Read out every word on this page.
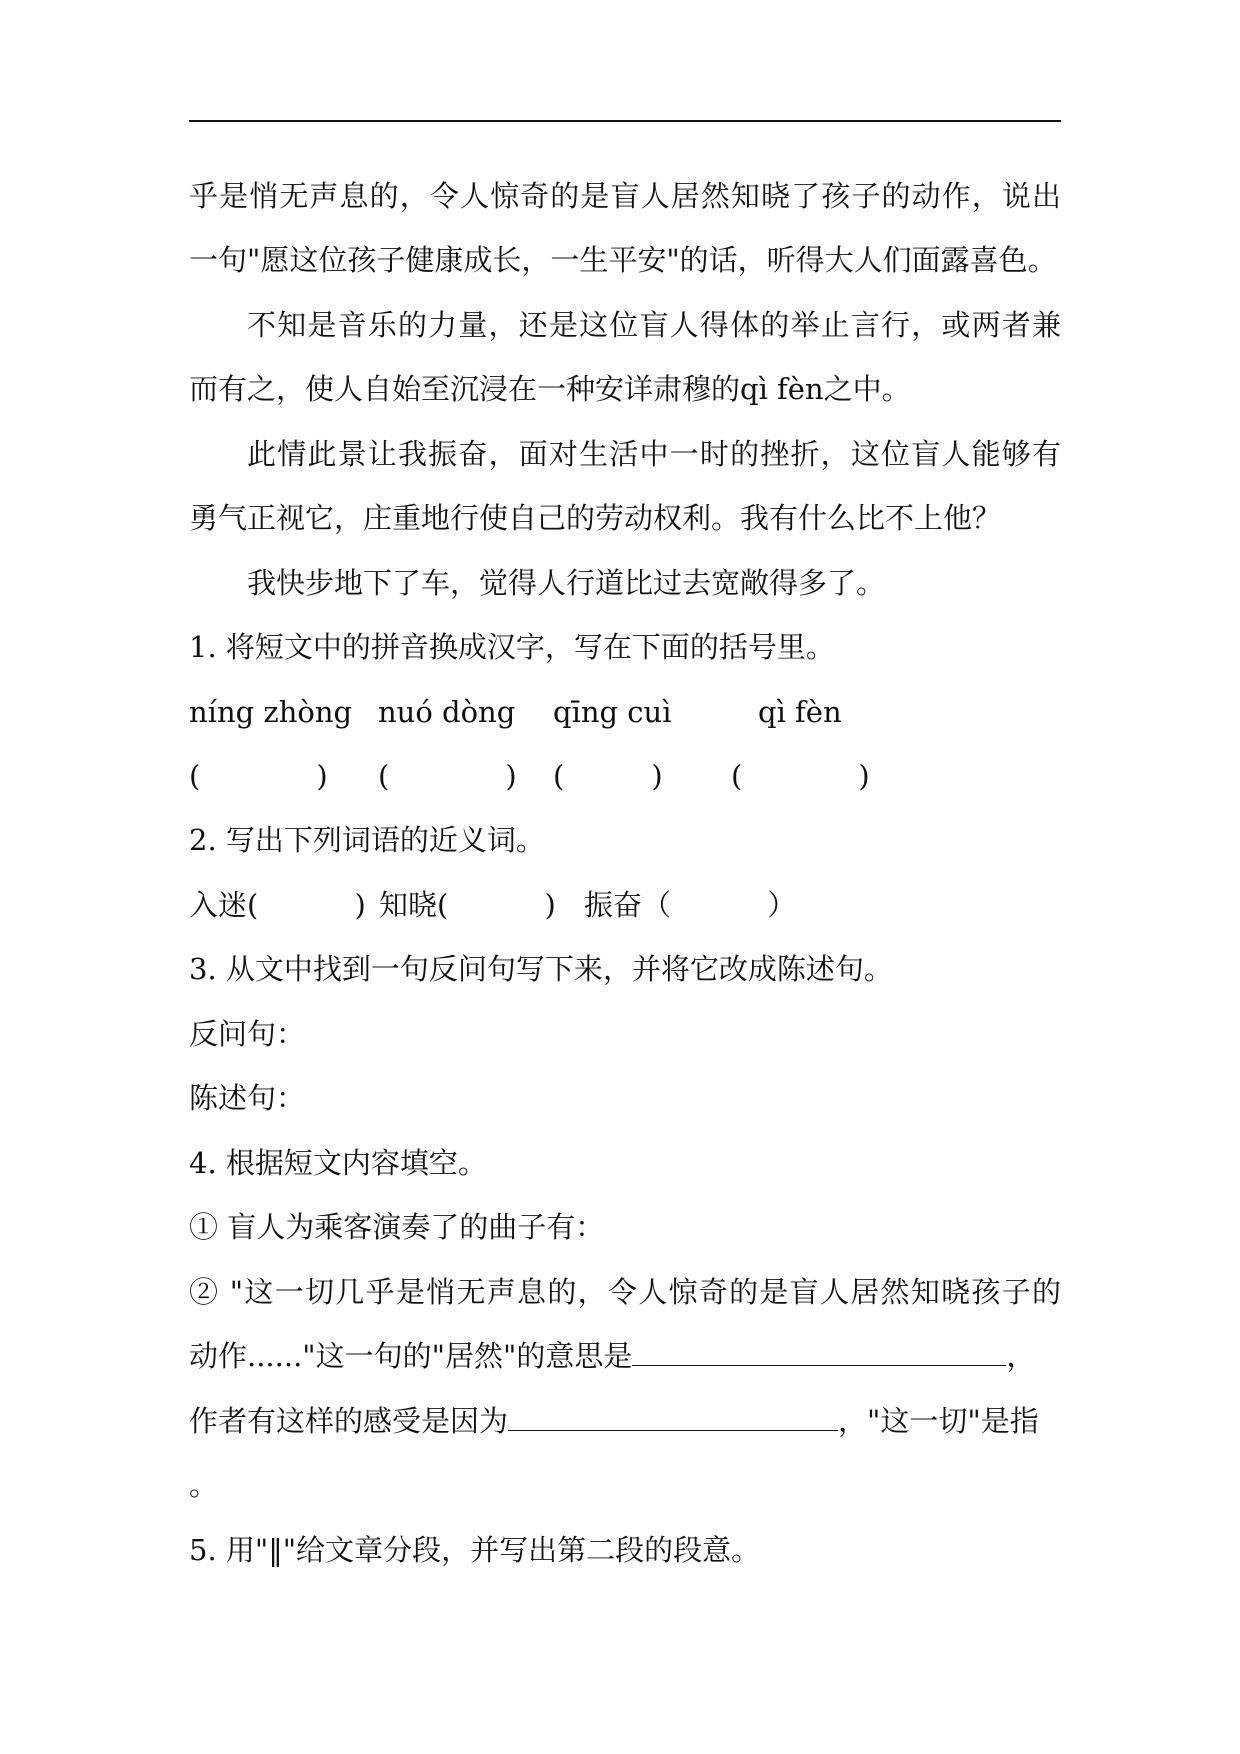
乎是悄无声息的，令人惊奇的是盲人居然知晓了孩子的动作，说出
一句"愿这位孩子健康成长，一生平安"的话，听得大人们面露喜色。
不知是音乐的力量，还是这位盲人得体的举止言行，或两者兼
而有之，使人自始至沉浸在一种安详肃穆的qì fèn之中。
此情此景让我振奋，面对生活中一时的挫折，这位盲人能够有
勇气正视它，庄重地行使自己的劳动权利。我有什么比不上他？
我快步地下了车，觉得人行道比过去宽敞得多了。
1. 将短文中的拼音换成汉字，写在下面的括号里。
níng zhòng nuó dòng qīng cuì	qì fèn
(　　　　) (　　　　) (　　　) (　　　　)
2. 写出下列词语的近义词。
入迷(　　　 ) 知晓(　　　 ) 振奋（　　　 ）
3. 从文中找到一句反问句写下来，并将它改成陈述句。
反问句：
陈述句：
4. 根据短文内容填空。
① 盲人为乘客演奏了的曲子有：
② "这一切几乎是悄无声息的，令人惊奇的是盲人居然知晓孩子的
动作......"这一句的"居然"的意思是	，
作者有这样的感受是因为	，"这一切"是指
。
5. 用"‖"给文章分段，并写出第二段的段意。
